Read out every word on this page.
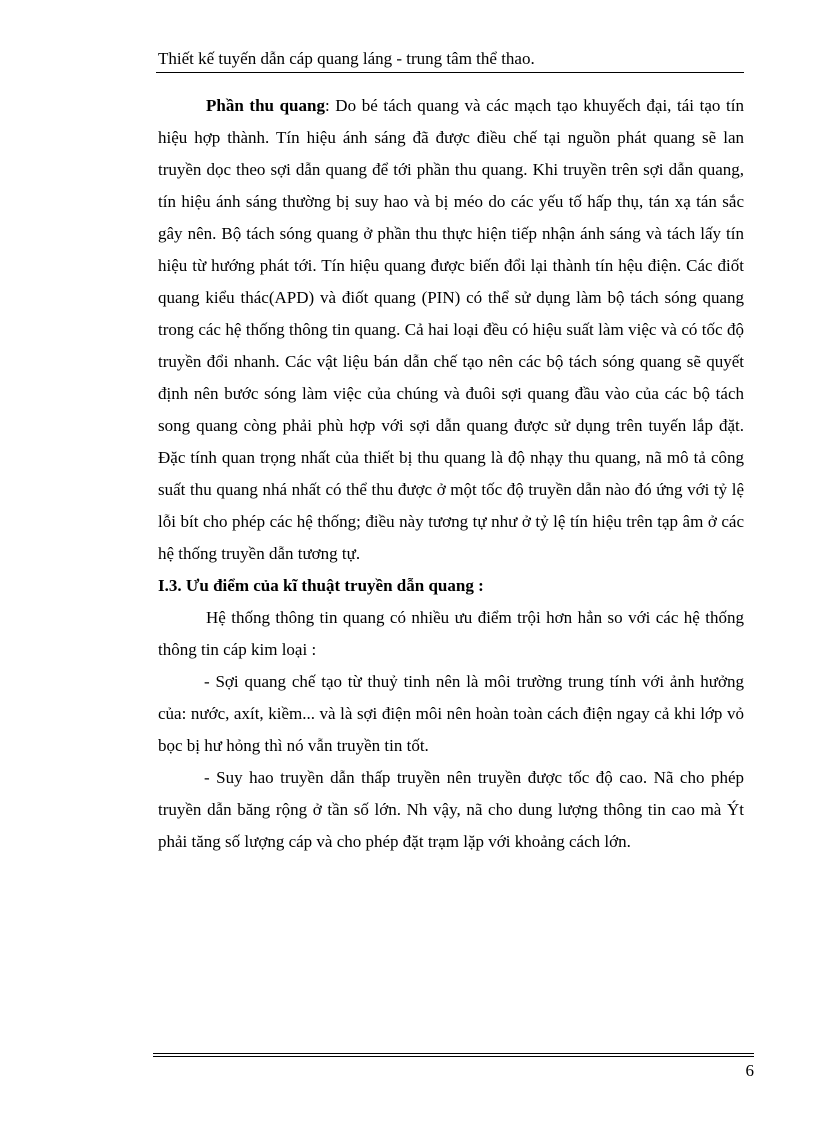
Thiết kế tuyến dẫn cáp quang láng - trung tâm thể thao.

Phần thu quang: Do bé tách quang và các mạch tạo khuyếch đại, tái tạo tín hiệu hợp thành. Tín hiệu ánh sáng đã được điều chế tại nguồn phát quang sẽ lan truyền dọc theo sợi dẫn quang để tới phần thu quang. Khi truyền trên sợi dẫn quang, tín hiệu ánh sáng thường bị suy hao và bị méo do các yếu tố hấp thụ, tán xạ tán sắc gây nên. Bộ tách sóng quang ở phần thu thực hiện tiếp nhận ánh sáng và tách lấy tín hiệu từ hướng phát tới. Tín hiệu quang được biến đổi lại thành tín hệu điện. Các điốt quang kiểu thác(APD) và điốt quang (PIN) có thể sử dụng làm bộ tách sóng quang trong các hệ thống thông tin quang. Cả hai loại đều có hiệu suất làm việc và có tốc độ truyền đổi nhanh. Các vật liệu bán dẫn chế tạo nên các bộ tách sóng quang sẽ quyết định nên bước sóng làm việc của chúng và đuôi sợi quang đầu vào của các bộ tách song quang còng phải phù hợp với sợi dẫn quang được sử dụng trên tuyến lắp đặt. Đặc tính quan trọng nhất của thiết bị thu quang là độ nhạy thu quang, nã mô tả công suất thu quang nhá nhất có thể thu được ở một tốc độ truyền dẫn nào đó ứng với tỷ lệ lỗi bít cho phép các hệ thống; điều này tương tự như ở tỷ lệ tín hiệu trên tạp âm ở các hệ thống truyền dẫn tương tự.

I.3. Ưu điểm của kĩ thuật truyền dẫn quang :

Hệ thống thông tin quang có nhiều ưu điểm trội hơn hẳn so với các hệ thống thông tin cáp kim loại :

- Sợi quang chế tạo từ thuỷ tinh nên là môi trường trung tính với ảnh hưởng của: nước, axít, kiềm... và là sợi điện môi nên hoàn toàn cách điện ngay cả khi lớp vỏ bọc bị hư hỏng thì nó vẫn truyền tin tốt.

- Suy hao truyền dẫn thấp truyền nên truyền được tốc độ cao. Nã cho phép truyền dẫn băng rộng ở tần số lớn. Nh vậy, nã cho dung lượng thông tin cao mà Ýt phải tăng số lượng cáp và cho phép đặt trạm lặp với khoảng cách lớn.

6
